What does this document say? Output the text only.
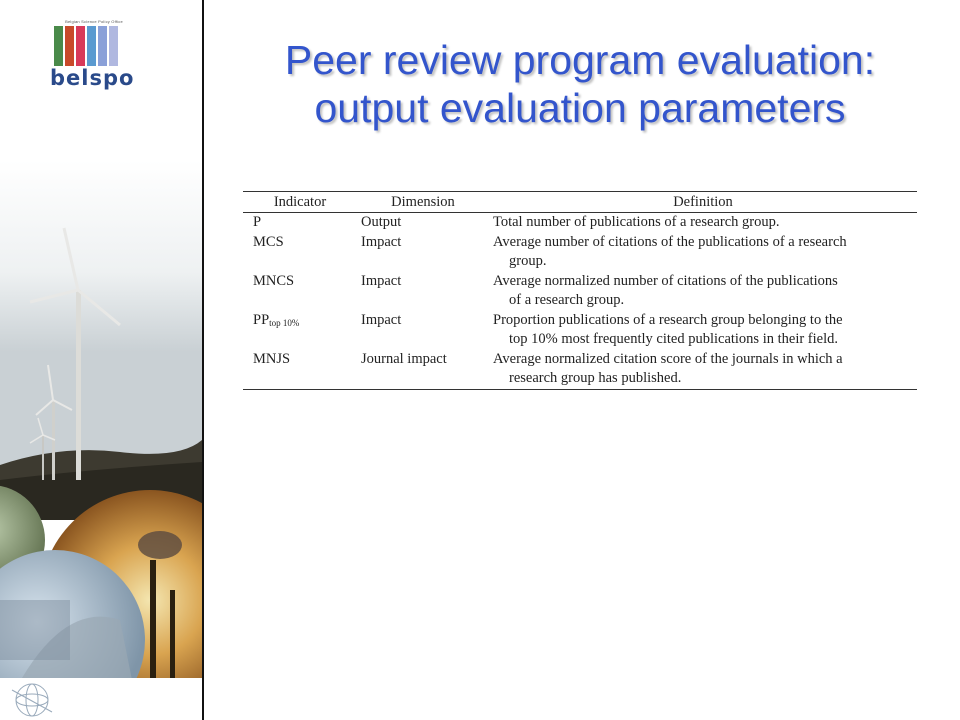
Belgian Science Policy Office
belspo	Peer review program evaluation:
output evaluation parameters
Indicator	Dimension	Definition
P	Output	Total number of publications of a research group.
MCS	Impact	Average number of citations of the publications of a research
group.

MNCS	Impact	Average normalized number of citations of the publications
of a research group.

$PP_{top 10\%}$	Impact	Proportion publications of a research group belonging to the
top 10% most frequently cited publications in their field.

MNJS	Journal impact	Average normalized citation score of the journals in which a
research group has published.
